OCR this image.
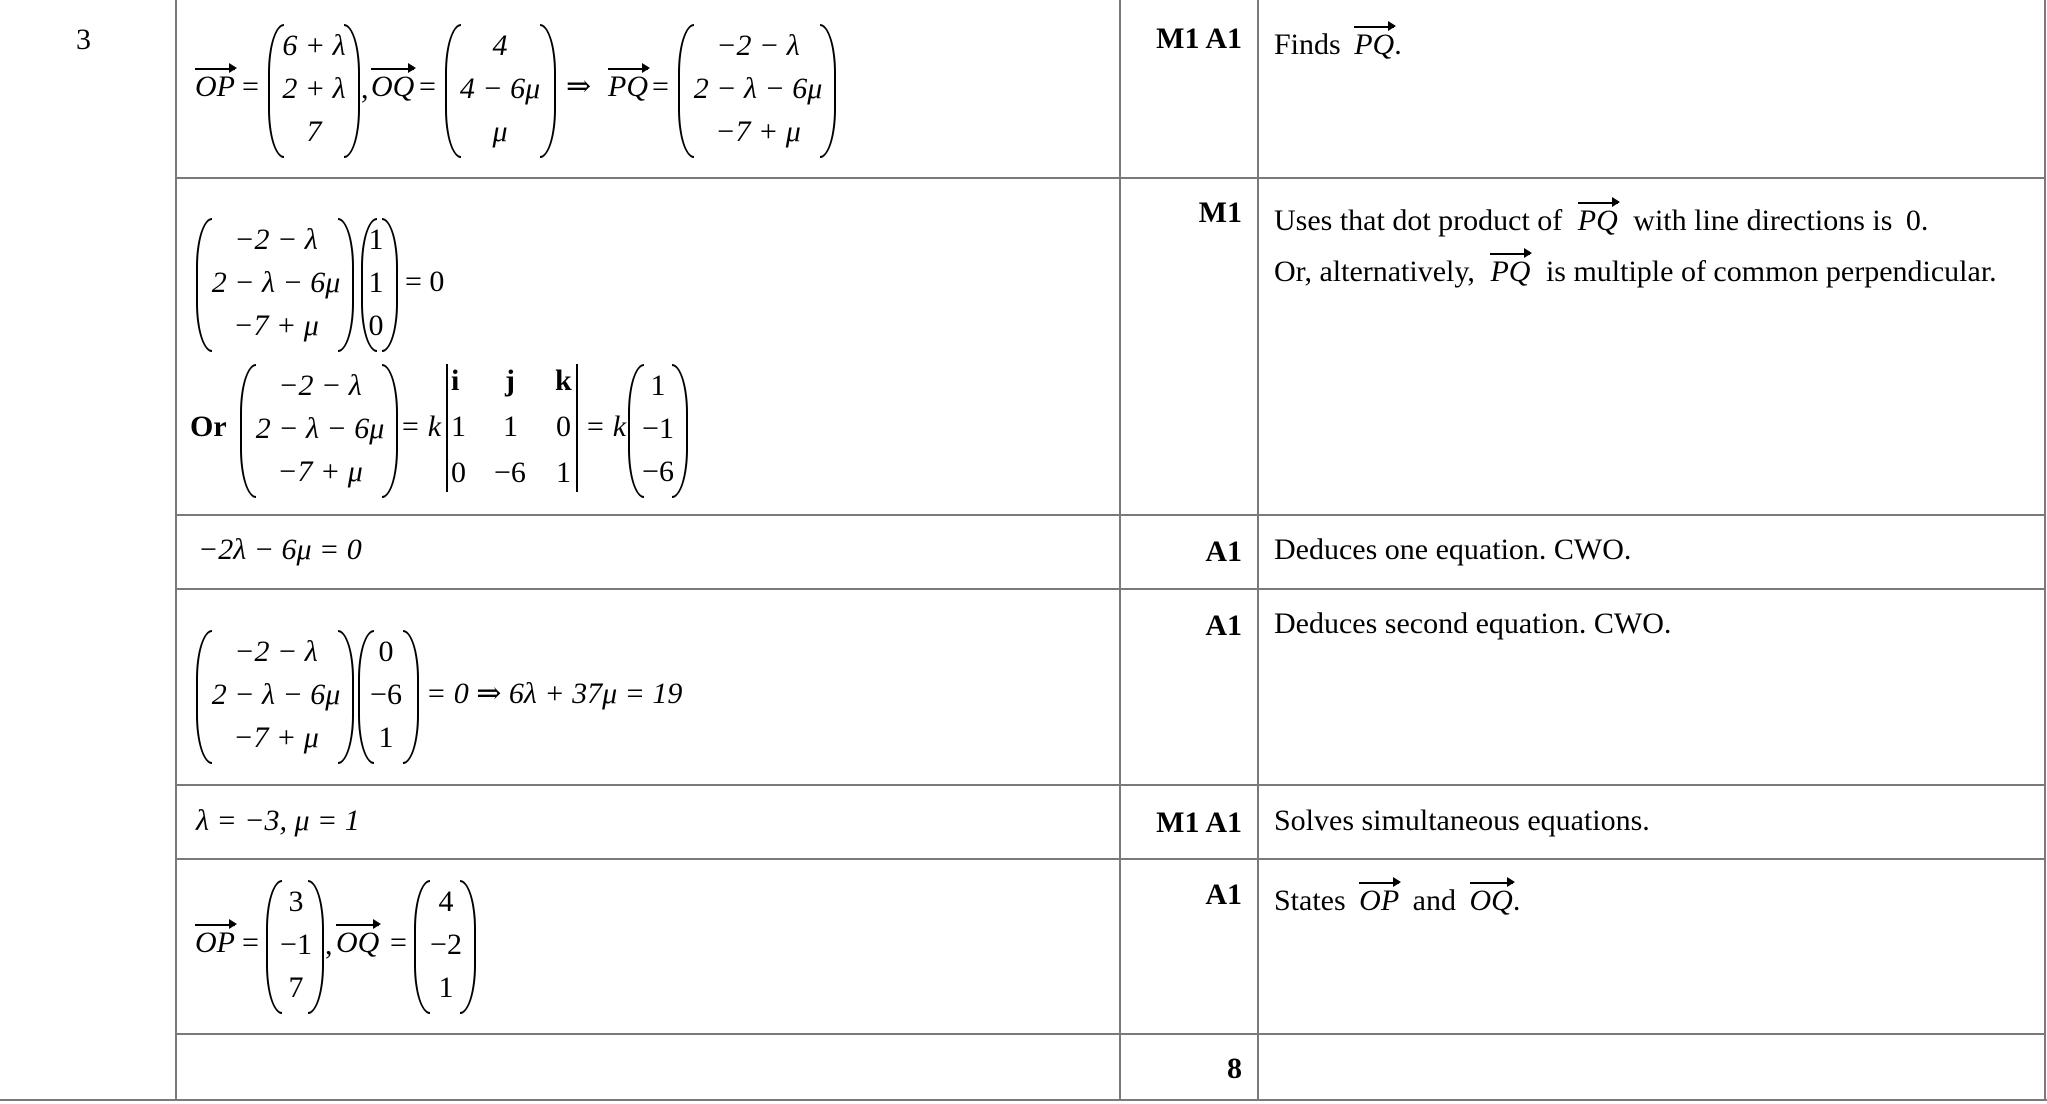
3
OP =
6 + λ
2 + λ
7
, OQ =
4
4 − 6μ
μ
⇒ PQ =
−2 − λ
2 − λ − 6μ
−7 + μ
M1 A1 Finds PQ.
−2 − λ
2 − λ − 6μ
−7 + μ
1
1
0
= 0
Or
−2 − λ
2 − λ − 6μ
−7 + μ
= k
i j k
1 1 0
0 −6 1
= k
1
−1
−6
M1 Uses that dot product of PQ with line directions is 0.
Or, alternatively, PQ is multiple of common perpendicular.
−2λ − 6μ = 0	A1 Deduces one equation. CWO.
−2 − λ
2 − λ − 6μ
−7 + μ
0
−6
1
= 0 ⇒ 6λ + 37μ = 19
A1 Deduces second equation. CWO.
λ = −3, μ = 1	M1 A1 Solves simultaneous equations.
OP =
3
−1
7
, OQ =
4
−2
1
A1 States OP and OQ.
8
